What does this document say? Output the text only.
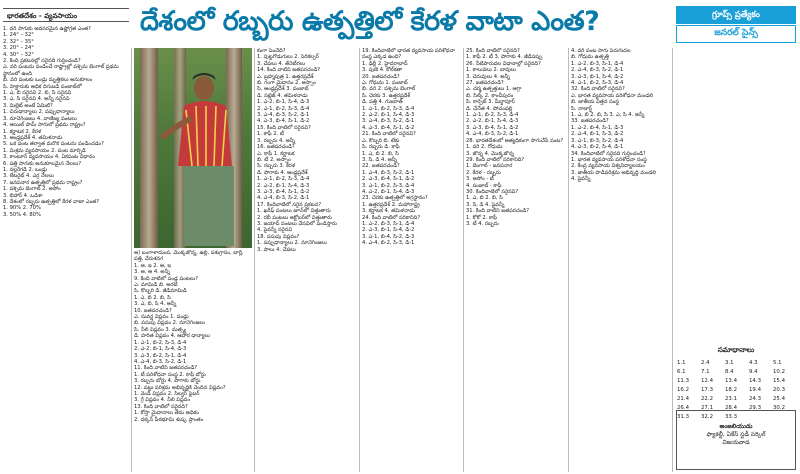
భారతదేశం - వ్యవసాయం	దేశంలో రబ్బరు ఉత్పత్తిలో కేరళ వాటా ఎంత?	గ్రూప్స్ ప్రత్యేకం
జనరల్ సైన్స్
1. వరి సాగుకు అవసరమైన ఉష్ణోగ్రత ఎంత?
1. 24° – 32°
2. 32° – 35°
3. 20° – 24°
4. 30° – 32°
2. కింది ప్రకటనల్లో సరైనది గుర్తించండి?
ఎ. వరి పంటను పండించే రాష్ట్రాల్లో పశ్చిమ బెంగాల్ ప్రథమ స్థానంలో ఉంది
బి. వరి పంటకు ఒండ్రు మృత్తికలు అనుకూలం
సి. హెక్టారుకు అధిక దిగుబడి పంజాబ్‌లో
1. ఎ, బి సరైనవి 2. బి, సి సరైనవి
3. ఎ, సి సరైనవి 4. అన్నీ సరైనవి
3. మిల్లెట్ అంటే ఏమిటి?
1. చిరుధాన్యాలు 2. పప్పుధాన్యాలు
3. నూనెగింజలు 4. వాణిజ్య పంటలు
4. ఆయిల్ పామ్ సాగులో ప్రథమ రాష్ట్రం?
1. కర్ణాటక 2. కేరళ
3. ఆంధ్రప్రదేశ్ 4. తమిళనాడు
5. ఒక పంట తర్వాత మరొక పంటను పండించడం?
1. మిశ్రమ వ్యవసాయం 2. పంట మార్పిడి
3. కాంటూర్ వ్యవసాయం 4. ఏకపంట విధానం
6. పత్తి సాగుకు అనుకూలమైన నేలలు?
1. నల్లరేగడి 2. ఒండ్రు
3. లేటరైట్ 4. ఎర్ర నేలలు
7. జనపనార ఉత్పత్తిలో ప్రథమ రాష్ట్రం?
1. పశ్చిమ బెంగాల్ 2. అసోం
3. బిహార్ 4. ఒడిశా
8. దేశంలో రబ్బరు ఉత్పత్తిలో కేరళ వాటా ఎంత?
1. 90% 2. 70%
3. 50% 4. 80%
ఆ) బంగాళాదుంప, మొక్కజొన్న, ఉల్లి, పశుగ్రాసం, బార్లీ, పత్తి, వేరుశనగ
1. అ, ఇ 2. ఆ, ఇ
3. అ, ఆ 4. అన్నీ
9. కింది వాటిలో పండ్ల పంటలు?
ఎ. మామిడి బి. అరటి
సి. కొబ్బరి డి. జీడిమామిడి
1. ఎ, బి 2. బి, సి
3. ఎ, బి, సి 4. అన్నీ
10. జతపరచండి?
ఎ. సువర్ణ విప్లవం 1. పండ్లు
బి. పసుపు విప్లవం 2. నూనెగింజలు
సి. నీలి విప్లవం 3. మత్స్య
డి. హరిత విప్లవం 4. ఆహార ధాన్యాలు
1. ఎ-1, బి-2, సి-3, డి-4
2. ఎ-2, బి-1, సి-4, డి-3
3. ఎ-3, బి-2, సి-1, డి-4
4. ఎ-4, బి-3, సి-2, డి-1
11. కింది వాటిని జతపరచండి?
1. టీ పరిశోధనా సంస్థ 2. కాఫీ బోర్డు
3. రబ్బరు బోర్డు 4. పొగాకు బోర్డు
12. పట్టు పరిశ్రమ అభివృద్ధికి చెందిన విప్లవం?
1. వెండి విప్లవం 2. సిల్వర్ ఫైబర్
3. గ్రే విప్లవం 4. నీలి విప్లవం
13. కింది వాటిలో సరైనది?
1. కోస్తా మైదానాలు తేమ అధికం
2. దక్కన్ పీఠభూమి శుష్క ప్రాంతం
కంగా పెంచేది?
1. పుట్టగొడుగులు 2. సెరికల్చర్
3. చేపలు 4. తేనెటీగలు
14. కింది వాటిని జతపరచండి?
ఎ. బ్రహ్మపుత్ర 1. ఉత్తరప్రదేశ్
బి. గంగా మైదానం 2. అస్సాం
సి. ఆంధ్రప్రదేశ్ 3. పంజాబ్
డి. సట్లెజ్ 4. తమిళనాడు
1. ఎ-2, బి-1, సి-4, డి-3
2. ఎ-1, బి-2, సి-3, డి-4
3. ఎ-4, బి-3, సి-2, డి-1
4. ఎ-3, బి-4, సి-1, డి-2
15. కింది వాటిలో సరైనవి?
1. కాఫీ 2. టీ
3. రబ్బరు 4. అన్నీ
16. జతపరచండి?
ఎ. కాఫీ 1. కర్ణాటక
బి. టీ 2. అస్సాం
సి. రబ్బరు 3. కేరళ
డి. పొగాకు 4. ఆంధ్రప్రదేశ్
1. ఎ-1, బి-2, సి-3, డి-4
2. ఎ-2, బి-1, సి-4, డి-3
3. ఎ-3, బి-4, సి-1, డి-2
4. ఎ-4, బి-3, సి-2, డి-1
17. కిందివాటిలో సరైన ప్రకటన?
1. ఖరీఫ్ పంటలు జూన్‌లో విత్తుతారు
2. రబీ పంటలు అక్టోబర్‌లో విత్తుతారు
3. జయాద్ పంటలు వేసవిలో పండిస్తారు
4. పైవన్నీ సరైనవి
18. పసుపు విప్లవం?
1. పప్పుధాన్యాలు 2. నూనెగింజలు
3. పాలు 4. చేపలు
19. కిందివాటిలో భారత వ్యవసాయ పరిశోధనా సంస్థ ఎక్కడ ఉంది?
1. ఢిల్లీ 2. హైదరాబాద్
3. పుణె 4. కోల్‌కతా
20. జతపరచండి?
ఎ. గోధుమ 1. పంజాబ్
బి. వరి 2. పశ్చిమ బెంగాల్
సి. చెరకు 3. ఉత్తరప్రదేశ్
డి. పత్తి 4. గుజరాత్
1. ఎ-1, బి-2, సి-3, డి-4
2. ఎ-2, బి-1, సి-4, డి-3
3. ఎ-4, బి-3, సి-2, డి-1
4. ఎ-3, బి-4, సి-1, డి-2
21. కింది వాటిలో సరైనవి?
ఎ. కొబ్బరి బి. టేకు
సి. రబ్బరు డి. కాఫీ
1. ఎ, బి 2. బి, సి
3. సి, డి 4. అన్నీ
22. జతపరచండి?
1. ఎ-4, బి-3, సి-2, డి-1
2. ఎ-3, బి-4, సి-1, డి-2
3. ఎ-1, బి-2, సి-3, డి-4
4. ఎ-2, బి-1, సి-4, డి-3
23. చెరకు ఉత్పత్తిలో అగ్రస్థానం?
1. ఉత్తరప్రదేశ్ 2. మహారాష్ట్ర
3. కర్ణాటక 4. తమిళనాడు
24. కింది వాటిలో సరికానిది?
1. ఎ-2, బి-3, సి-1, డి-4
2. ఎ-3, బి-1, సి-4, డి-2
3. ఎ-1, బి-4, సి-2, డి-3
4. ఎ-4, బి-2, సి-3, డి-1
25. కింది వాటిలో సరైనది?
1. కాఫీ 2. టీ 3. పొగాకు 4. జీడిపప్పు
26. నీటిపారుదల విధానాల్లో సరైనది?
1. కాలువలు 2. బావులు
3. చెరువులు 4. అన్నీ
27. జతపరచండి?
ఎ. చర్మ ఉత్పత్తులు 1. ఆగ్రా
బి. సిల్క్ 2. కాంచీపురం
సి. కార్పెట్ 3. మీర్జాపూర్
డి. చేనేత 4. పోచంపల్లి
1. ఎ-1, బి-2, సి-3, డి-4
2. ఎ-2, బి-1, సి-4, డి-3
3. ఎ-3, బి-4, సి-1, డి-2
4. ఎ-4, బి-3, సి-2, డి-1
28. భారతదేశంలో అత్యధికంగా సాగుచేసే పంట?
1. వరి 2. గోధుమ
3. జొన్న 4. మొక్కజొన్న
29. కింది వాటిలో సరికానిది?
1. బెంగాల్ - జనపనార
2. కేరళ - రబ్బరు
3. అసోం - టీ
4. పంజాబ్ - కాఫీ
30. కిందివాటిలో సరైనవి?
1. ఎ, బి 2. బి, సి
3. సి, డి 4. పైవన్నీ
31. కింది వాటిని జతపరచండి?
1. కోకో 2. కాఫీ
3. టీ 4. రబ్బరు
4. వరి పంట సాగు పెరుగుదల
బి. గోధుమ ఉత్పత్తి
1. ఎ-2, బి-3, సి-1, డి-4
2. ఎ-4, బి-3, సి-2, డి-1
3. ఎ-3, బి-1, సి-4, డి-2
4. ఎ-1, బి-2, సి-3, డి-4
32. కింది వాటిలో సరైనవి?
ఎ. భారత వ్యవసాయ పరిశోధనా మండలి
బి. జాతీయ విత్తన సంస్థ
సి. నాబార్డ్
1. ఎ, బి 2. బి, సి 3. ఎ, సి 4. అన్నీ
33. జతపరచండి?
1. ఎ-2, బి-4, సి-1, డి-3
2. ఎ-4, బి-1, సి-3, డి-2
3. ఎ-1, బి-3, సి-2, డి-4
4. ఎ-3, బి-2, సి-4, డి-1
34. కిందివాటిలో సరైనది గుర్తించండి?
1. భారత వ్యవసాయ పరిశోధనా సంస్థ
2. కేంద్ర వ్యవసాయ విశ్వవిద్యాలయం
3. జాతీయ పాడిపరిశ్రమ అభివృద్ధి మండలి
4. పైవన్నీ
సమాధానాలు
1.1	2.4	3.1	4.3	5.1
6.1	7.1	8.4	9.4	10.2
11.3	12.4	13.4	14.3	15.4
16.2	17.3	18.2	19.4	20.3
21.4	22.2	23.1	24.3	25.4
26.4	27.1	28.4	29.3	30.2
31.3	32.2	33.3		
అంజలియుడు
ఫ్యాకల్టీ, ఏకేస్ స్టడీ సర్కిల్
విజయవాడ
